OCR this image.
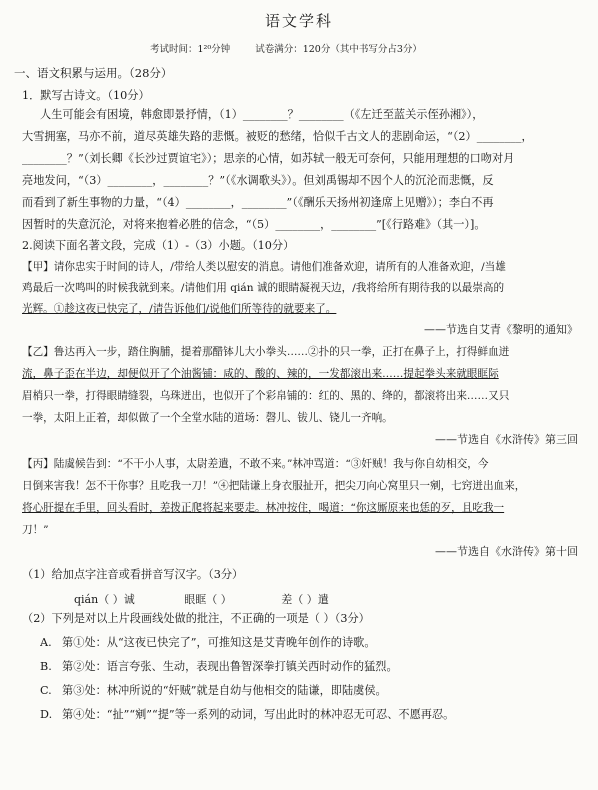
语文学科
考试时间：1²⁰分钟	试卷满分：120分（其中书写分占3分）
一、语文积累与运用。（28分）
1．默写古诗文。（10分）
人生可能会有困境，韩愈即景抒情，（1）________？________（《左迁至蓝关示侄孙湘》），
大雪拥塞，马亦不前，道尽英雄失路的悲慨。被贬的愁绪，恰似千古文人的悲剧命运，“（2）________，
________？”（刘长卿《长沙过贾谊宅》）；思亲的心情，如苏轼一般无可奈何，只能用理想的口吻对月
亮地发问，“（3）________，________？”（《水调歌头》）。但刘禹锡却不因个人的沉沦而悲慨，反
而看到了新生事物的力量，“（4）________，________”（《酬乐天扬州初逢席上见赠》）；李白不再
因暂时的失意沉沦，对将来抱着必胜的信念，“（5）________，________”[《行路难》（其一）]。
2.阅读下面名著文段，完成（1）-（3）小题。（10分）
【甲】请你忠实于时间的诗人，/带给人类以慰安的消息。请他们准备欢迎，请所有的人准备欢迎，/当雄
鸡最后一次鸣叫的时候我就到来。/请他们用 qián 诚的眼睛凝视天边，/我将给所有期待我的以最崇高的
光辉。①趁这夜已快完了，/请告诉他们/说他们所等待的就要来了。
——节选自艾青《黎明的通知》
【乙】鲁达再入一步，踏住胸脯，提着那醋钵儿大小拳头……②扑的只一拳，正打在鼻子上，打得鲜血迸
流，鼻子歪在半边，却便似开了个油酱铺：咸的、酸的、辣的，一发都滚出来……提起拳头来就眼眶际
眉梢只一拳，打得眼睛缝裂，乌珠迸出，也似开了个彩帛铺的：红的、黑的、绛的，都滚将出来……又只
一拳，太阳上正着，却似做了一个全堂水陆的道场：磬儿、钹儿、铙儿一齐响。
——节选自《水浒传》第三回
【丙】陆虞候告到：“不干小人事，太尉差遣，不敢不来。”林冲骂道：“③奸贼！我与你自幼相交，今
日倒来害我！怎不干你事？且吃我一刀！”④把陆谦上身衣服扯开，把尖刀向心窝里只一剜，七窍迸出血来，
将心肝提在手里，回头看时，差拨正爬将起来要走。林冲按住，喝道：“你这厮原来也恁的歹，且吃我一
刀！”
——节选自《水浒传》第十回
（1）给加点字注音或看拼音写汉字。（3分）
qián（ ）诚	眼眶（ ）	差（ ）遣
（2）下列是对以上片段画线处做的批注，不正确的一项是（ ）（3分）
A. 第①处：从“这夜已快完了”，可推知这是艾青晚年创作的诗歌。
B. 第②处：语言夸张、生动，表现出鲁智深拳打镇关西时动作的猛烈。
C. 第③处：林冲所说的“奸贼”就是自幼与他相交的陆谦，即陆虞侯。
D. 第④处：“扯”“剜”“提”等一系列的动词，写出此时的林冲忍无可忍、不愿再忍。
